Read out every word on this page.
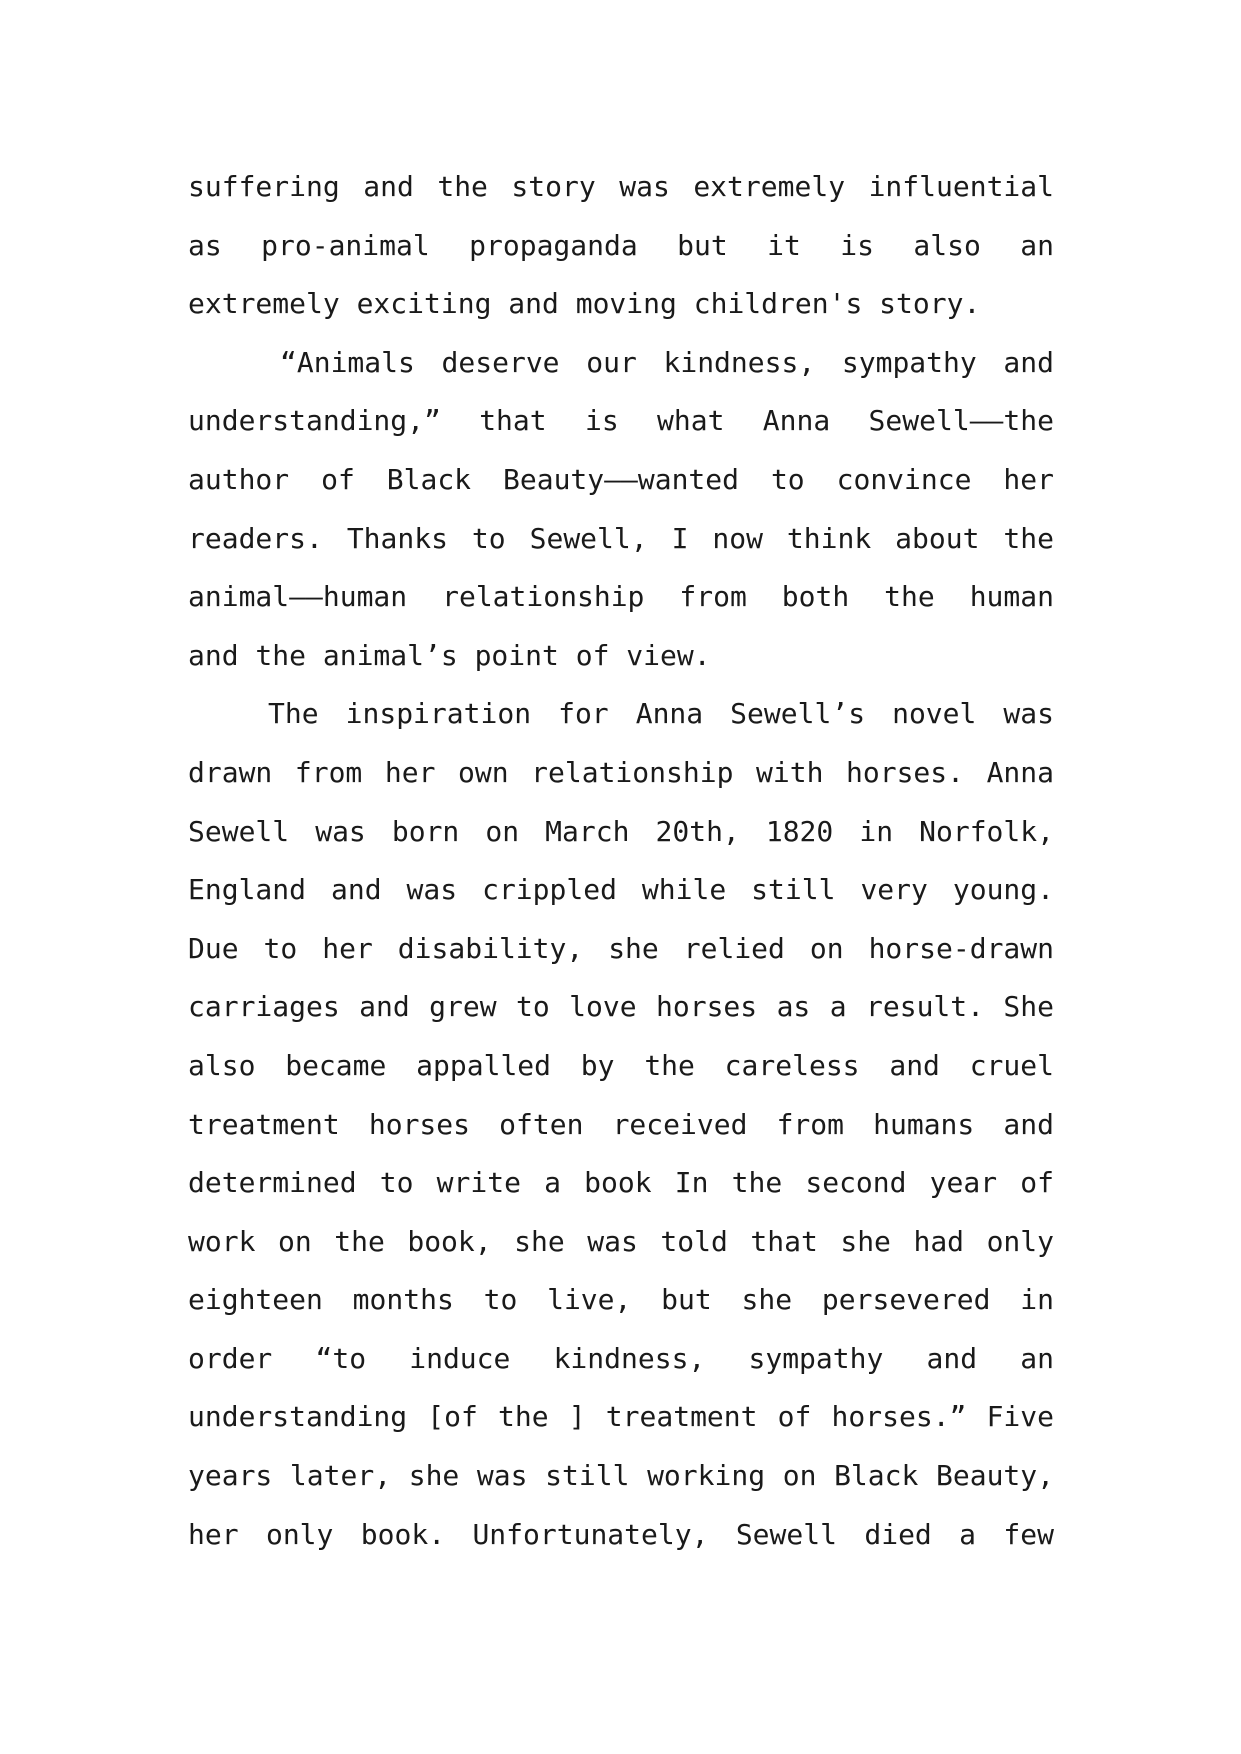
suffering and the story was extremely influential
as pro-animal propaganda but it is also an
extremely exciting and moving children's story.
“Animals deserve our kindness, sympathy and
understanding,” that is what Anna Sewell——the
author of Black Beauty——wanted to convince her
readers. Thanks to Sewell, I now think about the
animal——human relationship from both the human
and the animal’s point of view.
The inspiration for Anna Sewell’s novel was
drawn from her own relationship with horses. Anna
Sewell was born on March 20th, 1820 in Norfolk,
England and was crippled while still very young.
Due to her disability, she relied on horse-drawn
carriages and grew to love horses as a result. She
also became appalled by the careless and cruel
treatment horses often received from humans and
determined to write a book In the second year of
work on the book, she was told that she had only
eighteen months to live, but she persevered in
order “to induce kindness, sympathy and an
understanding [of the ] treatment of horses.” Five
years later, she was still working on Black Beauty,
her only book. Unfortunately, Sewell died a few
